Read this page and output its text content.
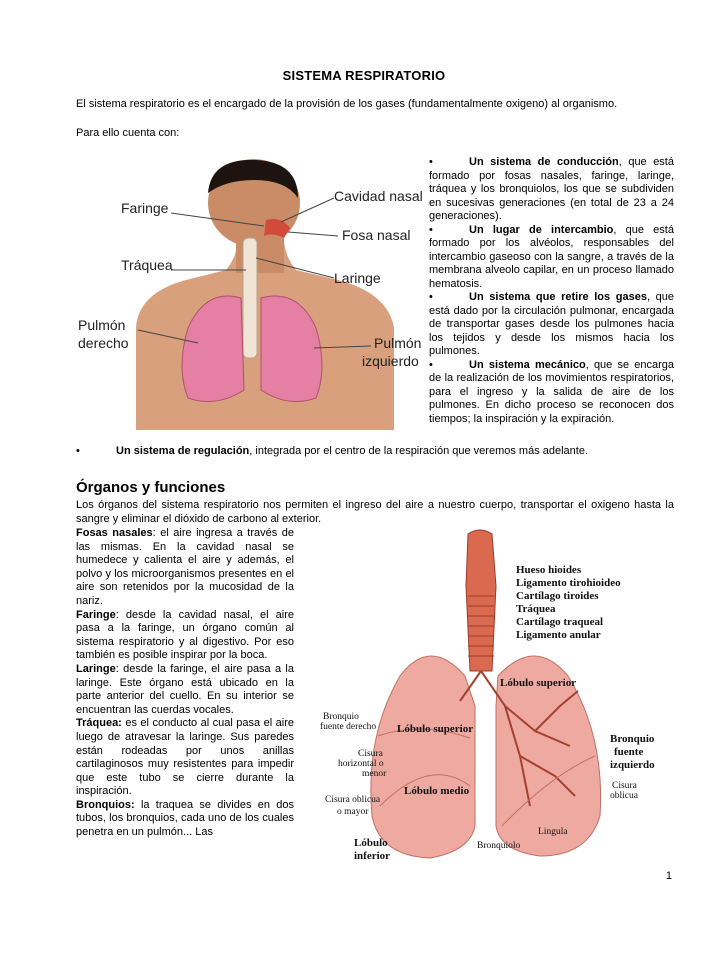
SISTEMA RESPIRATORIO
El sistema respiratorio es el encargado de la provisión de los gases (fundamentalmente oxigeno) al organismo.
Para ello cuenta con:
Faringe
Cavidad nasal
Tráquea
Fosa nasal
Laringe
Pulmón
derecho	Pulmón
izquierdo
•	Un sistema de conducción, que está formado por fosas nasales, faringe, laringe, tráquea y los bronquiolos, los que se subdividen en sucesivas generaciones (en total de 23 a 24 generaciones).
•	Un lugar de intercambio, que está formado por los alvéolos, responsables del intercambio gaseoso con la sangre, a través de la membrana alveolo capilar, en un proceso llamado hematosis.
•	Un sistema que retire los gases, que está dado por la circulación pulmonar, encargada de transportar gases desde los pulmones hacia los tejidos y desde los mismos hacia los pulmones.
•	Un sistema mecánico, que se encarga de la realización de los movimientos respiratorios, para el ingreso y la salida de aire de los pulmones. En dicho proceso se reconocen dos tiempos; la inspiración y la expiración.
•	Un sistema de regulación, integrada por el centro de la respiración que veremos más adelante.
Órganos y funciones
Los órganos del sistema respiratorio nos permiten el ingreso del aire a nuestro cuerpo, transportar el oxigeno hasta la sangre y eliminar el dióxido de carbono al exterior.
Fosas nasales: el aire ingresa a través de las mismas. En la cavidad nasal se humedece y calienta el aire y además, el polvo y los microorganismos presentes en el aire son retenidos por la mucosidad de la nariz.
Faringe: desde la cavidad nasal, el aire pasa a la faringe, un órgano común al sistema respiratorio y al digestivo. Por eso también es posible inspirar por la boca.
Laringe: desde la faringe, el aire pasa a la laringe. Este órgano está ubicado en la parte anterior del cuello. En su interior se encuentran las cuerdas vocales.
Tráquea: es el conducto al cual pasa el aire luego de atravesar la laringe. Sus paredes están rodeadas por unos anillas cartilaginosos muy resistentes para impedir que este tubo se cierre durante la inspiración.
Bronquios: la traquea se divides en dos tubos, los bronquios, cada uno de los cuales penetra en un pulmón... Las
Hueso hioides
Ligamento tirohioideo
Cartílago tiroides
Tráquea
Cartílago traqueal
Ligamento anular
Lóbulo superior
Bronquio
fuente derecho Lóbulo superior
Cisura
horizontal o
menor
Bronquio
fuente
izquierdo
Lóbulo medio	Cisura
oblicua
Cisura oblicua
o mayor
Lingula
Lóbulo
inferior
Bronquiolo
1
